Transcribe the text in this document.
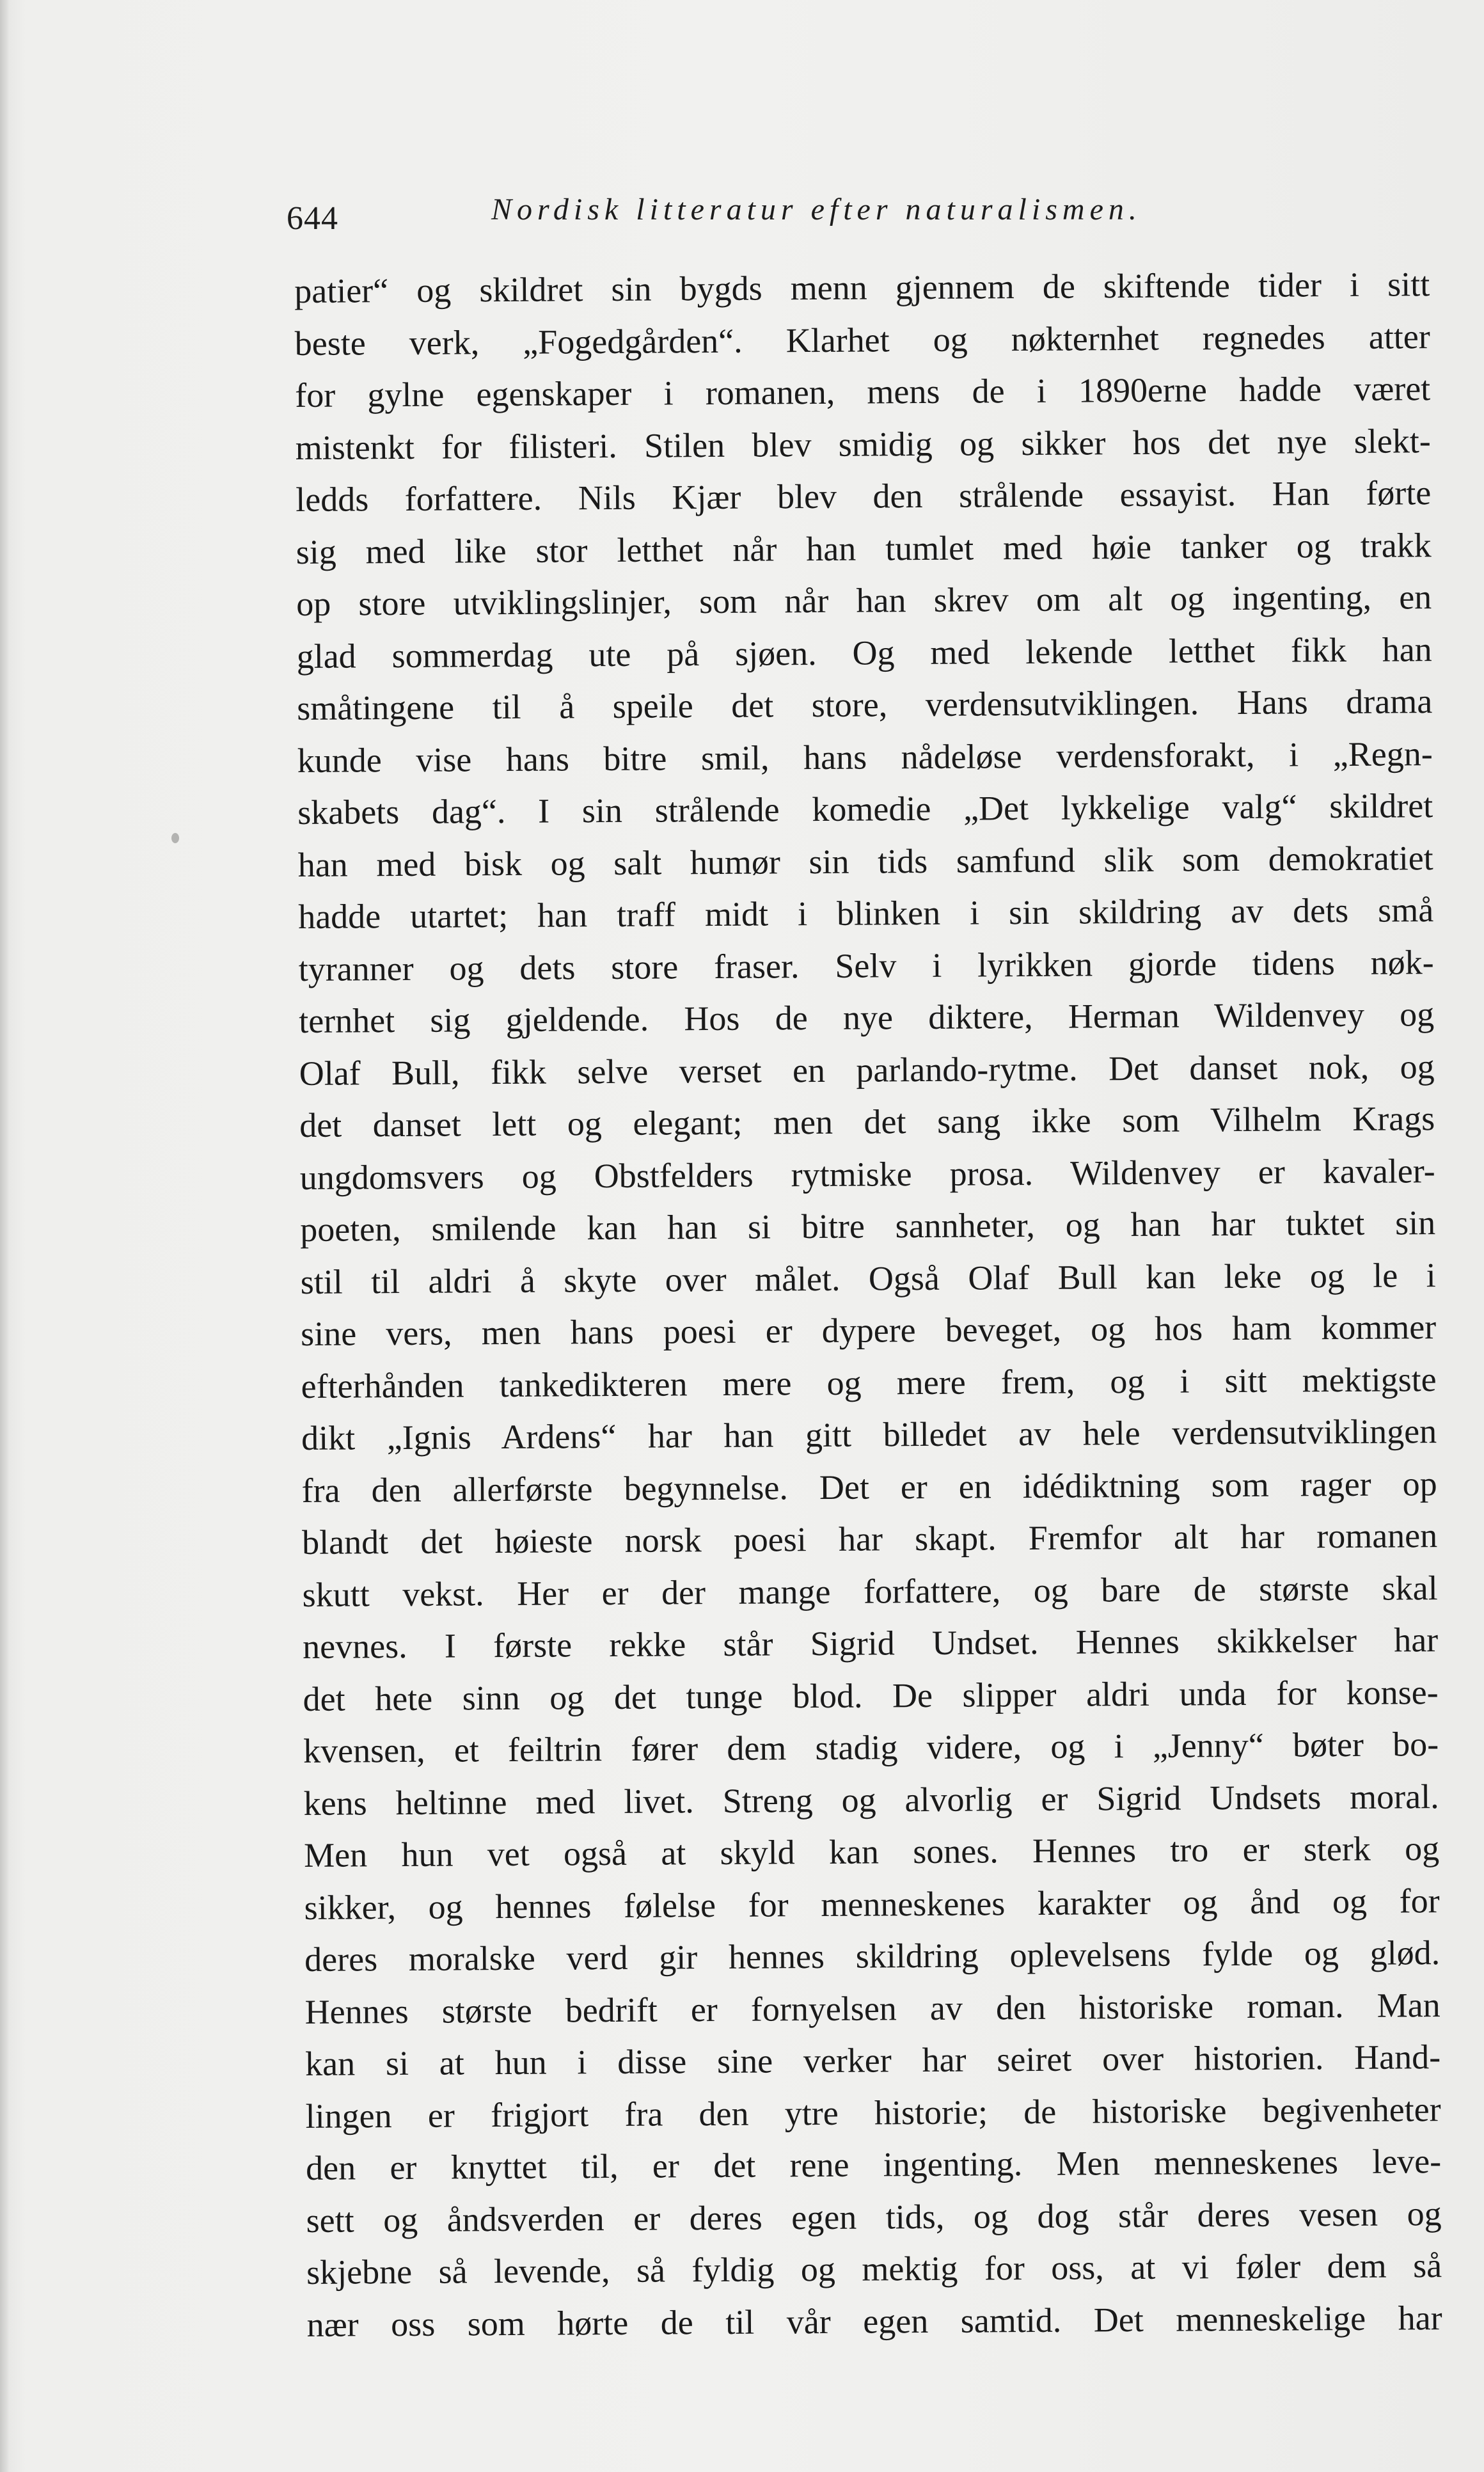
644	Nordisk litteratur efter naturalismen.
patier“ og skildret sin bygds menn gjennem de skiftende tider i sitt
beste verk, „Fogedgården“. Klarhet og nøkternhet regnedes atter
for gylne egenskaper i romanen, mens de i 1890erne hadde været
mistenkt for filisteri. Stilen blev smidig og sikker hos det nye slekt-
ledds forfattere. Nils Kjær blev den strålende essayist. Han førte
sig med like stor letthet når han tumlet med høie tanker og trakk
op store utviklingslinjer, som når han skrev om alt og ingenting, en
glad sommerdag ute på sjøen. Og med lekende letthet fikk han
småtingene til å speile det store, verdensutviklingen. Hans drama
kunde vise hans bitre smil, hans nådeløse verdensforakt, i „Regn-
skabets dag“. I sin strålende komedie „Det lykkelige valg“ skildret
han med bisk og salt humør sin tids samfund slik som demokratiet
hadde utartet; han traff midt i blinken i sin skildring av dets små
tyranner og dets store fraser. Selv i lyrikken gjorde tidens nøk-
ternhet sig gjeldende. Hos de nye diktere, Herman Wildenvey og
Olaf Bull, fikk selve verset en parlando-rytme. Det danset nok, og
det danset lett og elegant; men det sang ikke som Vilhelm Krags
ungdomsvers og Obstfelders rytmiske prosa. Wildenvey er kavaler-
poeten, smilende kan han si bitre sannheter, og han har tuktet sin
stil til aldri å skyte over målet. Også Olaf Bull kan leke og le i
sine vers, men hans poesi er dypere beveget, og hos ham kommer
efterhånden tankedikteren mere og mere frem, og i sitt mektigste
dikt „Ignis Ardens“ har han gitt billedet av hele verdensutviklingen
fra den allerførste begynnelse. Det er en idédiktning som rager op
blandt det høieste norsk poesi har skapt. Fremfor alt har romanen
skutt vekst. Her er der mange forfattere, og bare de største skal
nevnes. I første rekke står Sigrid Undset. Hennes skikkelser har
det hete sinn og det tunge blod. De slipper aldri unda for konse-
kvensen, et feiltrin fører dem stadig videre, og i „Jenny“ bøter bo-
kens heltinne med livet. Streng og alvorlig er Sigrid Undsets moral.
Men hun vet også at skyld kan sones. Hennes tro er sterk og
sikker, og hennes følelse for menneskenes karakter og ånd og for
deres moralske verd gir hennes skildring oplevelsens fylde og glød.
Hennes største bedrift er fornyelsen av den historiske roman. Man
kan si at hun i disse sine verker har seiret over historien. Hand-
lingen er frigjort fra den ytre historie; de historiske begivenheter
den er knyttet til, er det rene ingenting. Men menneskenes leve-
sett og åndsverden er deres egen tids, og dog står deres vesen og
skjebne så levende, så fyldig og mektig for oss, at vi føler dem så
nær oss som hørte de til vår egen samtid. Det menneskelige har
